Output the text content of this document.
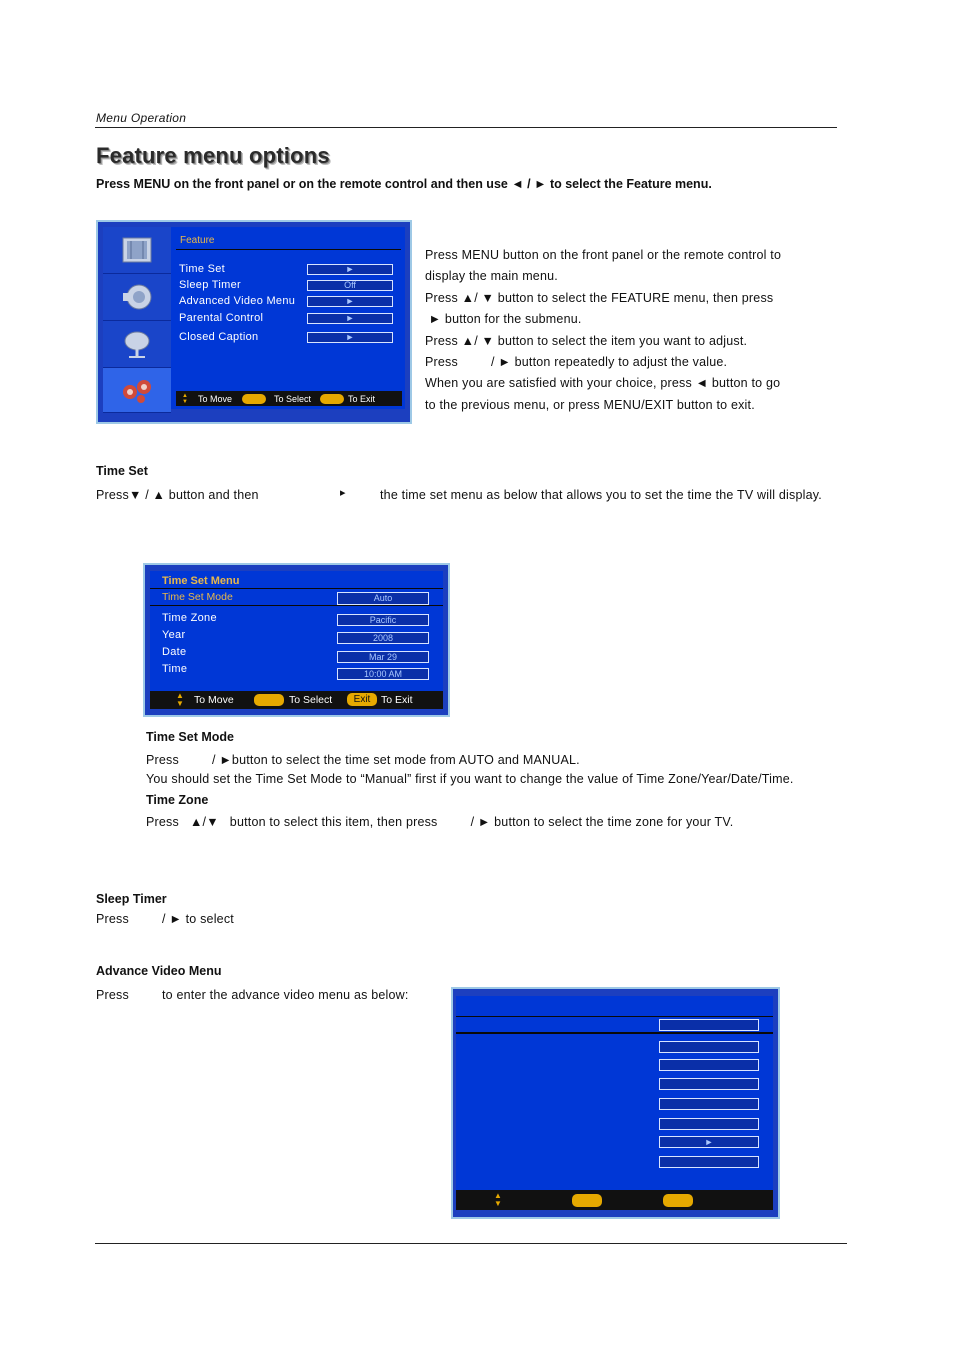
Menu Operation
Feature menu options
Press MENU on the front panel or on the remote control and then use ◄ / ► to select the Feature menu.
Feature
Time Set	►
Sleep Timer	Off
Advanced Video Menu	►
Parental Control	►
Closed Caption	►
▲
▼ To Move	To Select	To Exit
Press MENU button on the front panel or the remote control to
display the main menu.
Press ▲/ ▼ button to select the FEATURE menu, then press
► button for the submenu.
Press ▲/ ▼ button to select the item you want to adjust.
Press         / ► button repeatedly to adjust the value.
When you are satisfied with your choice, press ◄ button to go
to the previous menu, or press MENU/EXIT button to exit.
Time Set
Press▼ / ▲ button and then	▸	the time set menu as below that allows you to set the time the TV will display.
Time Set Menu
Time Set Mode	Auto
Time Zone	Pacific
Year	2008
Date	Mar 29
Time	10:00 AM
▲
▼ To Move	To Select	Exit	To Exit
Time Set Mode
Press         / ►button to select the time set mode from AUTO and MANUAL.
You should set the Time Set Mode to “Manual” first if you want to change the value of Time Zone/Year/Date/Time.
Time Zone
Press   ▲/▼   button to select this item, then press         / ► button to select the time zone for your TV.
Sleep Timer
Press         / ► to select
Advance Video Menu
Press         to enter the advance video menu as below:
►
▲
▼
